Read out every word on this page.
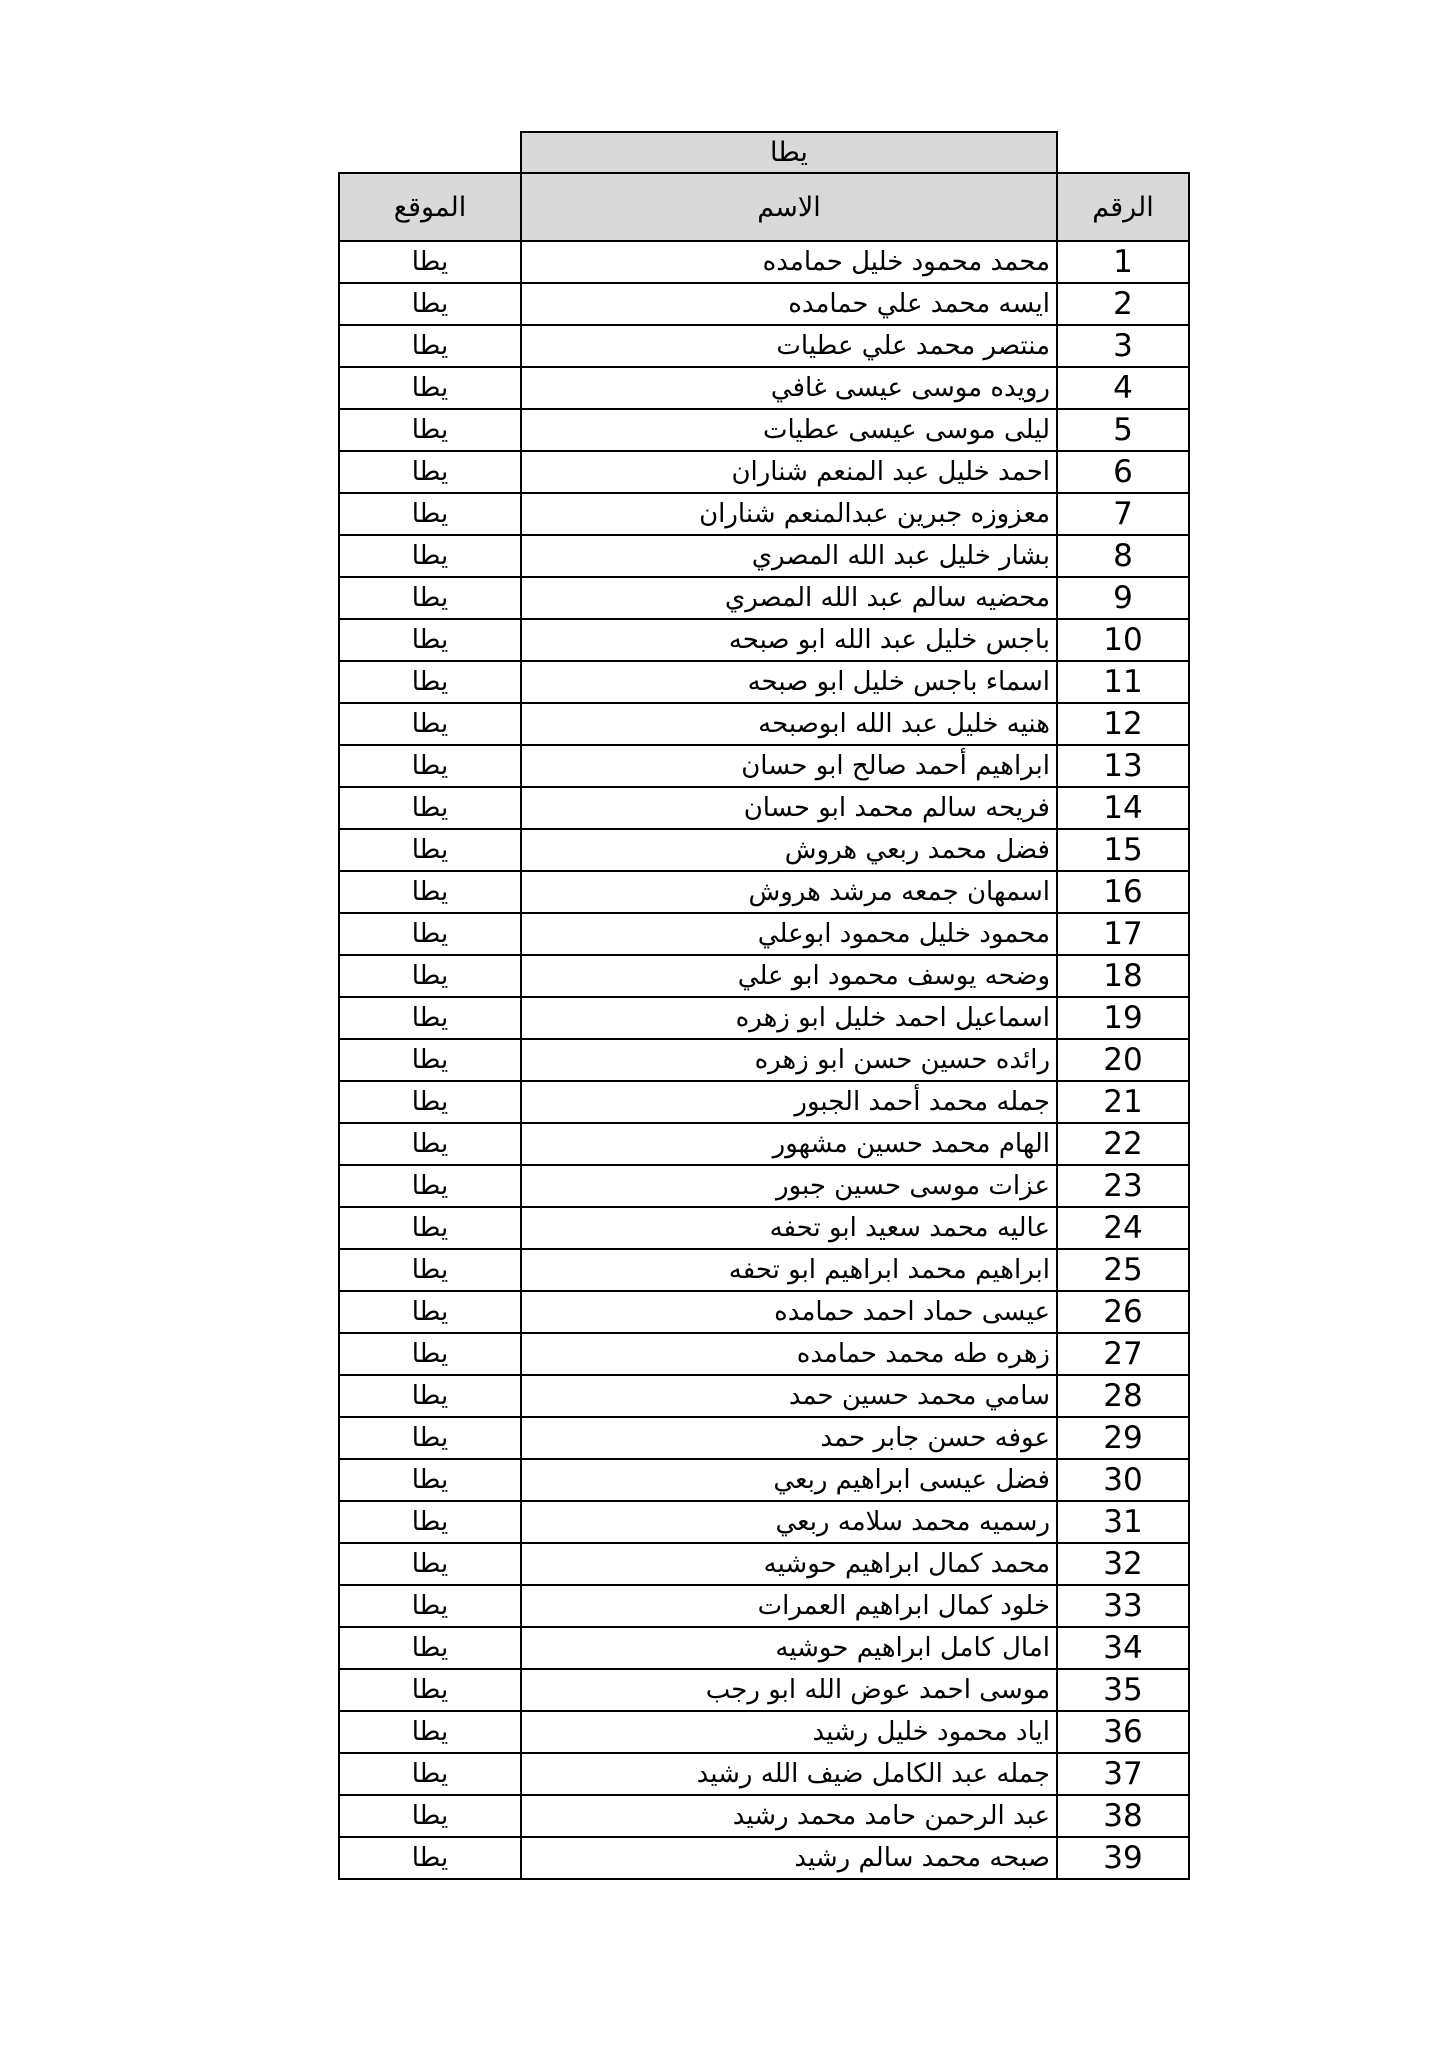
	يطا	
الرقم	الاسم	الموقع
1	محمد محمود خليل حمامده	يطا
2	ايسه محمد علي حمامده	يطا
3	منتصر محمد علي عطيات	يطا
4	رويده موسى عيسى غافي	يطا
5	ليلى موسى عيسى عطيات	يطا
6	احمد خليل عبد المنعم شناران	يطا
7	معزوزه جبرين عبدالمنعم شناران	يطا
8	بشار خليل عبد الله المصري	يطا
9	محضيه سالم عبد الله المصري	يطا
10	باجس خليل عبد الله ابو صبحه	يطا
11	اسماء باجس خليل ابو صبحه	يطا
12	هنيه خليل عبد الله ابوصبحه	يطا
13	ابراهيم أحمد صالح ابو حسان	يطا
14	فريحه سالم محمد ابو حسان	يطا
15	فضل محمد ربعي هروش	يطا
16	اسمهان جمعه مرشد هروش	يطا
17	محمود خليل محمود ابوعلي	يطا
18	وضحه يوسف محمود ابو علي	يطا
19	اسماعيل احمد خليل ابو زهره	يطا
20	رائده حسين حسن ابو زهره	يطا
21	جمله محمد أحمد الجبور	يطا
22	الهام محمد حسين مشهور	يطا
23	عزات موسى حسين جبور	يطا
24	عاليه محمد سعيد ابو تحفه	يطا
25	ابراهيم محمد ابراهيم ابو تحفه	يطا
26	عيسى حماد احمد حمامده	يطا
27	زهره طه محمد حمامده	يطا
28	سامي محمد حسين حمد	يطا
29	عوفه حسن جابر حمد	يطا
30	فضل عيسى ابراهيم ربعي	يطا
31	رسميه محمد سلامه ربعي	يطا
32	محمد كمال ابراهيم حوشيه	يطا
33	خلود كمال ابراهيم العمرات	يطا
34	امال كامل ابراهيم حوشيه	يطا
35	موسى احمد عوض الله ابو رجب	يطا
36	اياد محمود خليل رشيد	يطا
37	جمله عبد الكامل ضيف الله رشيد	يطا
38	عبد الرحمن حامد محمد رشيد	يطا
39	صبحه محمد سالم رشيد	يطا
